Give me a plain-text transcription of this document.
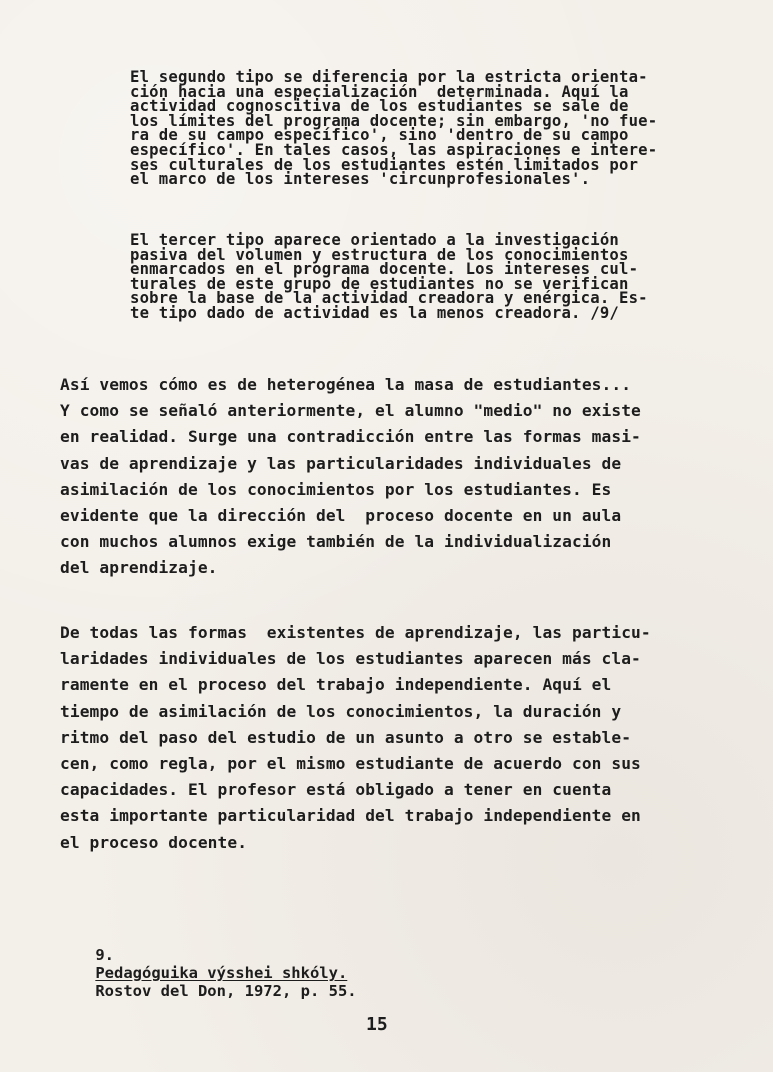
El segundo tipo se diferencia por la estricta orienta-
ción hacia una especialización  determinada. Aquí la
actividad cognoscitiva de los estudiantes se sale de
los límites del programa docente; sin embargo, 'no fue-
ra de su campo específico', sino 'dentro de su campo
específico'. En tales casos, las aspiraciones e intere-
ses culturales de los estudiantes estén limitados por
el marco de los intereses 'circunprofesionales'.
El tercer tipo aparece orientado a la investigación
pasiva del volumen y estructura de los conocimientos
enmarcados en el programa docente. Los intereses cul-
turales de este grupo de estudiantes no se verifican
sobre la base de la actividad creadora y enérgica. Es-
te tipo dado de actividad es la menos creadora. /9/
Así vemos cómo es de heterogénea la masa de estudiantes...
Y como se señaló anteriormente, el alumno "medio" no existe
en realidad. Surge una contradicción entre las formas masi-
vas de aprendizaje y las particularidades individuales de
asimilación de los conocimientos por los estudiantes. Es
evidente que la dirección del  proceso docente en un aula
con muchos alumnos exige también de la individualización
del aprendizaje.
De todas las formas  existentes de aprendizaje, las particu-
laridades individuales de los estudiantes aparecen más cla-
ramente en el proceso del trabajo independiente. Aquí el
tiempo de asimilación de los conocimientos, la duración y
ritmo del paso del estudio de un asunto a otro se estable-
cen, como regla, por el mismo estudiante de acuerdo con sus
capacidades. El profesor está obligado a tener en cuenta
esta importante particularidad del trabajo independiente en
el proceso docente.

9.
Pedagóguika výsshei shkóly.
Rostov del Don, 1972, p. 55.

15
